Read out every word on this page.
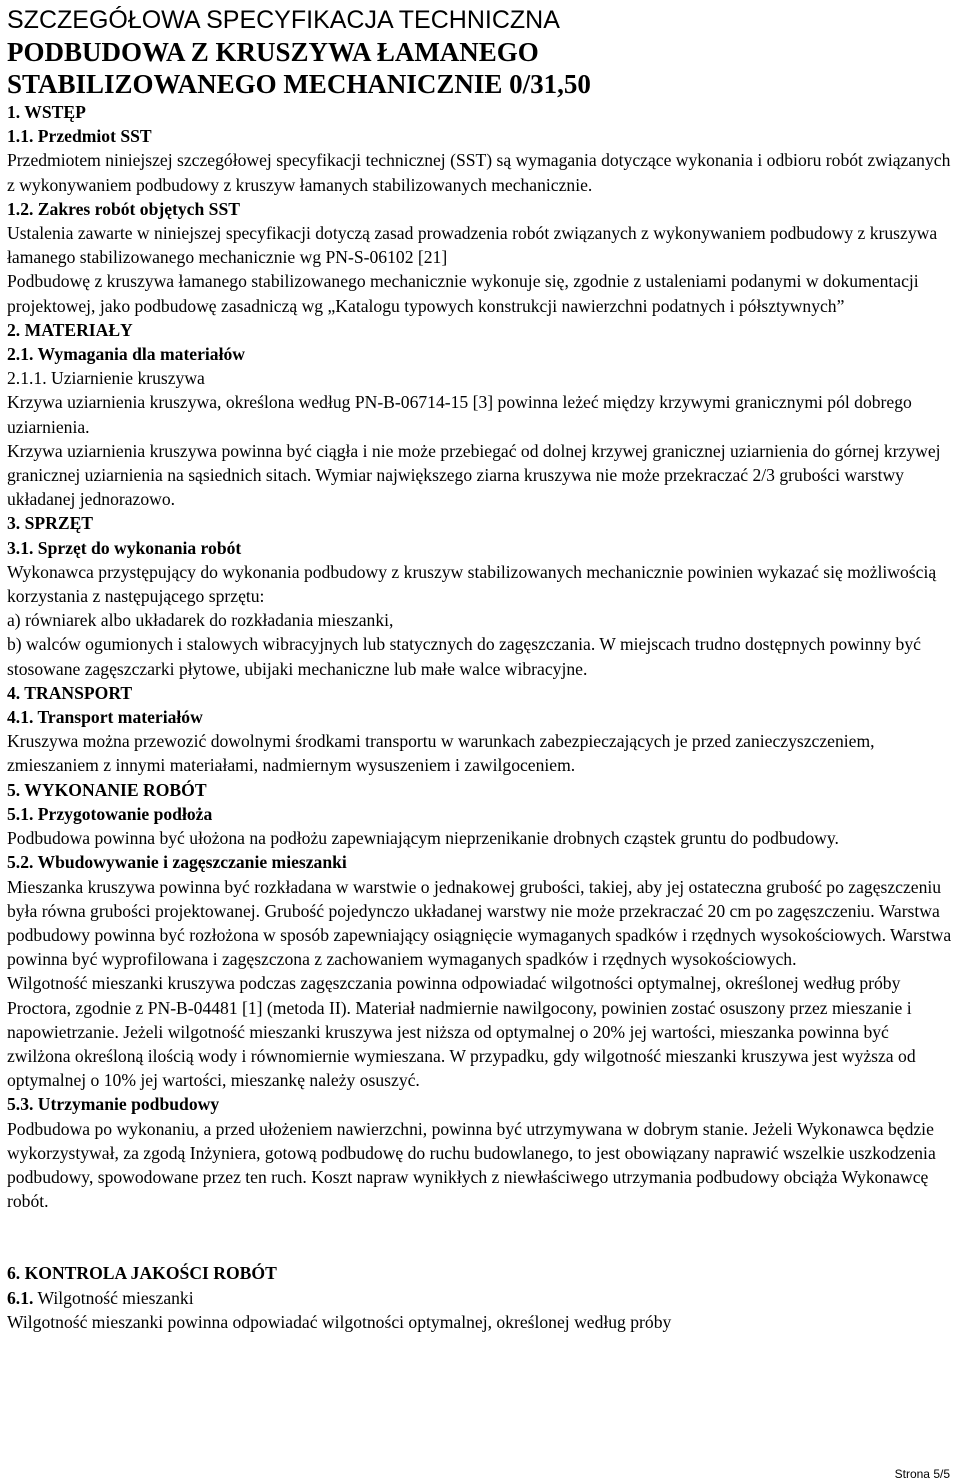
SZCZEGÓŁOWA SPECYFIKACJA TECHNICZNA
PODBUDOWA Z KRUSZYWA ŁAMANEGO
STABILIZOWANEGO MECHANICZNIE 0/31,50

1. WSTĘP

1.1. Przedmiot SST

Przedmiotem niniejszej szczegółowej specyfikacji technicznej (SST) są wymagania dotyczące wykonania i odbioru robót związanych z wykonywaniem podbudowy z kruszyw łamanych stabilizowanych mechanicznie.

1.2. Zakres robót objętych SST

Ustalenia zawarte w niniejszej specyfikacji dotyczą zasad prowadzenia robót związanych z wykonywaniem podbudowy z kruszywa łamanego stabilizowanego mechanicznie wg PN-S-06102 [21]

Podbudowę z kruszywa łamanego stabilizowanego mechanicznie wykonuje się, zgodnie z ustaleniami podanymi w dokumentacji projektowej, jako podbudowę zasadniczą wg „Katalogu typowych konstrukcji nawierzchni podatnych i półsztywnych”

2. MATERIAŁY

2.1. Wymagania dla materiałów

2.1.1. Uziarnienie kruszywa

Krzywa uziarnienia kruszywa, określona według PN-B-06714-15 [3] powinna leżeć między krzywymi granicznymi pól dobrego uziarnienia.

Krzywa uziarnienia kruszywa powinna być ciągła i nie może przebiegać od dolnej krzywej granicznej uziarnienia do górnej krzywej granicznej uziarnienia na sąsiednich sitach. Wymiar największego ziarna kruszywa nie może przekraczać 2/3 grubości warstwy układanej jednorazowo.

3. SPRZĘT

3.1. Sprzęt do wykonania robót

Wykonawca przystępujący do wykonania podbudowy z kruszyw stabilizowanych mechanicznie powinien wykazać się możliwością korzystania z następującego sprzętu:

a) równiarek albo układarek do rozkładania mieszanki,

b) walców ogumionych i stalowych wibracyjnych lub statycznych do zagęszczania. W miejscach trudno dostępnych powinny być stosowane zagęszczarki płytowe, ubijaki mechaniczne lub małe walce wibracyjne.

4. TRANSPORT

4.1. Transport materiałów

Kruszywa można przewozić dowolnymi środkami transportu w warunkach zabezpieczających je przed zanieczyszczeniem, zmieszaniem z innymi materiałami, nadmiernym wysuszeniem i zawilgoceniem.

5. WYKONANIE ROBÓT

5.1. Przygotowanie podłoża

Podbudowa powinna być ułożona na podłożu zapewniającym nieprzenikanie drobnych cząstek gruntu do podbudowy.

5.2. Wbudowywanie i zagęszczanie mieszanki

Mieszanka kruszywa powinna być rozkładana w warstwie o jednakowej grubości, takiej, aby jej ostateczna grubość po zagęszczeniu była równa grubości projektowanej. Grubość pojedynczo układanej warstwy nie może przekraczać 20 cm po zagęszczeniu. Warstwa podbudowy powinna być rozłożona w sposób zapewniający osiągnięcie wymaganych spadków i rzędnych wysokościowych. Warstwa powinna być wyprofilowana i zagęszczona z zachowaniem wymaganych spadków i rzędnych wysokościowych.

Wilgotność mieszanki kruszywa podczas zagęszczania powinna odpowiadać wilgotności optymalnej, określonej według próby Proctora, zgodnie z PN-B-04481 [1] (metoda II). Materiał nadmiernie nawilgocony, powinien zostać osuszony przez mieszanie i napowietrzanie. Jeżeli wilgotność mieszanki kruszywa jest niższa od optymalnej o 20% jej wartości, mieszanka powinna być zwilżona określoną ilością wody i równomiernie wymieszana. W przypadku, gdy wilgotność mieszanki kruszywa jest wyższa od optymalnej o 10% jej wartości, mieszankę należy osuszyć.

5.3. Utrzymanie podbudowy

Podbudowa po wykonaniu, a przed ułożeniem nawierzchni, powinna być utrzymywana w dobrym stanie. Jeżeli Wykonawca będzie wykorzystywał, za zgodą Inżyniera, gotową podbudowę do ruchu budowlanego, to jest obowiązany naprawić wszelkie uszkodzenia podbudowy, spowodowane przez ten ruch. Koszt napraw wynikłych z niewłaściwego utrzymania podbudowy obciąża Wykonawcę robót.

6. KONTROLA JAKOŚCI ROBÓT

6.1. Wilgotność mieszanki

Wilgotność mieszanki powinna odpowiadać wilgotności optymalnej, określonej według próby

Strona 5/5
